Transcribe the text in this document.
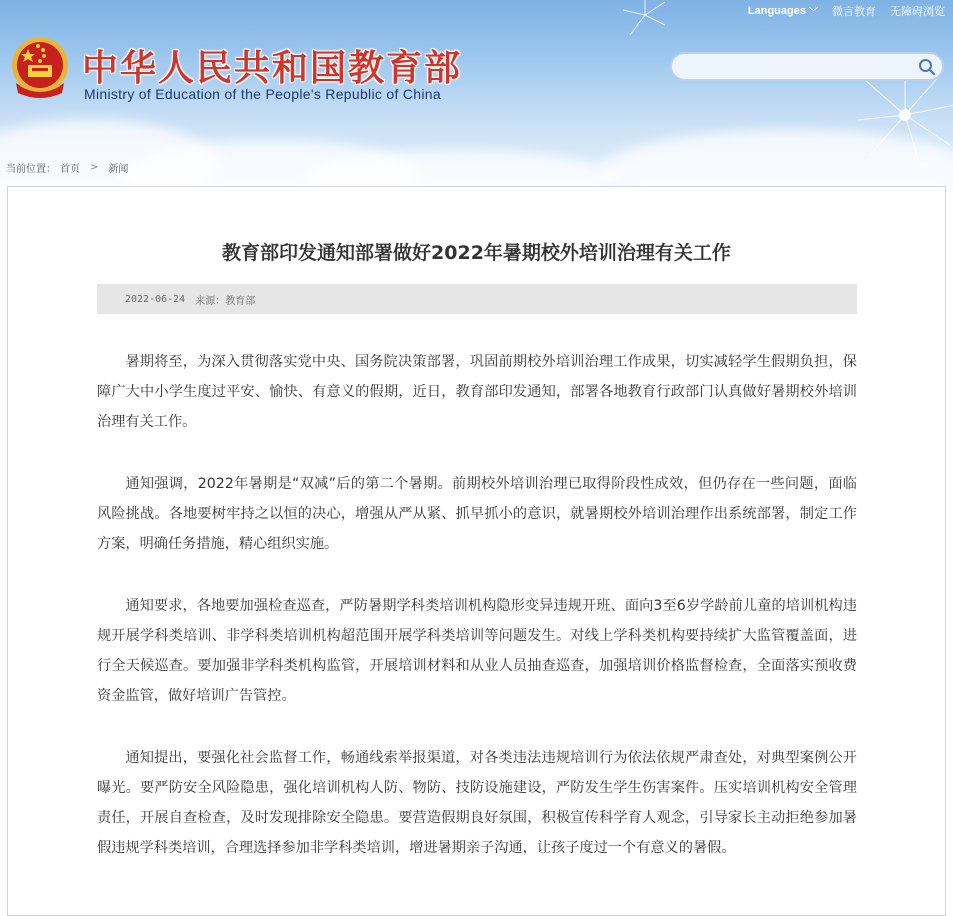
中华人民共和国教育部
Ministry of Education of the People's Republic of China
Languages ﹀ 微言教育 无障碍浏览
当前位置： 首页	>	新闻
教育部印发通知部署做好2022年暑期校外培训治理有关工作
2022-06-24 来源：教育部

暑期将至，为深入贯彻落实党中央、国务院决策部署，巩固前期校外培训治理工作成果，切实减轻学生假期负担，保障广大中小学生度过平安、愉快、有意义的假期，近日，教育部印发通知，部署各地教育行政部门认真做好暑期校外培训治理有关工作。

通知强调，2022年暑期是“双减”后的第二个暑期。前期校外培训治理已取得阶段性成效，但仍存在一些问题，面临风险挑战。各地要树牢持之以恒的决心，增强从严从紧、抓早抓小的意识，就暑期校外培训治理作出系统部署，制定工作方案，明确任务措施，精心组织实施。

通知要求，各地要加强检查巡查，严防暑期学科类培训机构隐形变异违规开班、面向3至6岁学龄前儿童的培训机构违规开展学科类培训、非学科类培训机构超范围开展学科类培训等问题发生。对线上学科类机构要持续扩大监管覆盖面，进行全天候巡查。要加强非学科类机构监管，开展培训材料和从业人员抽查巡查，加强培训价格监督检查，全面落实预收费资金监管，做好培训广告管控。

通知提出，要强化社会监督工作，畅通线索举报渠道，对各类违法违规培训行为依法依规严肃查处，对典型案例公开曝光。要严防安全风险隐患，强化培训机构人防、物防、技防设施建设，严防发生学生伤害案件。压实培训机构安全管理责任，开展自查检查，及时发现排除安全隐患。要营造假期良好氛围，积极宣传科学育人观念，引导家长主动拒绝参加暑假违规学科类培训，合理选择参加非学科类培训，增进暑期亲子沟通，让孩子度过一个有意义的暑假。
